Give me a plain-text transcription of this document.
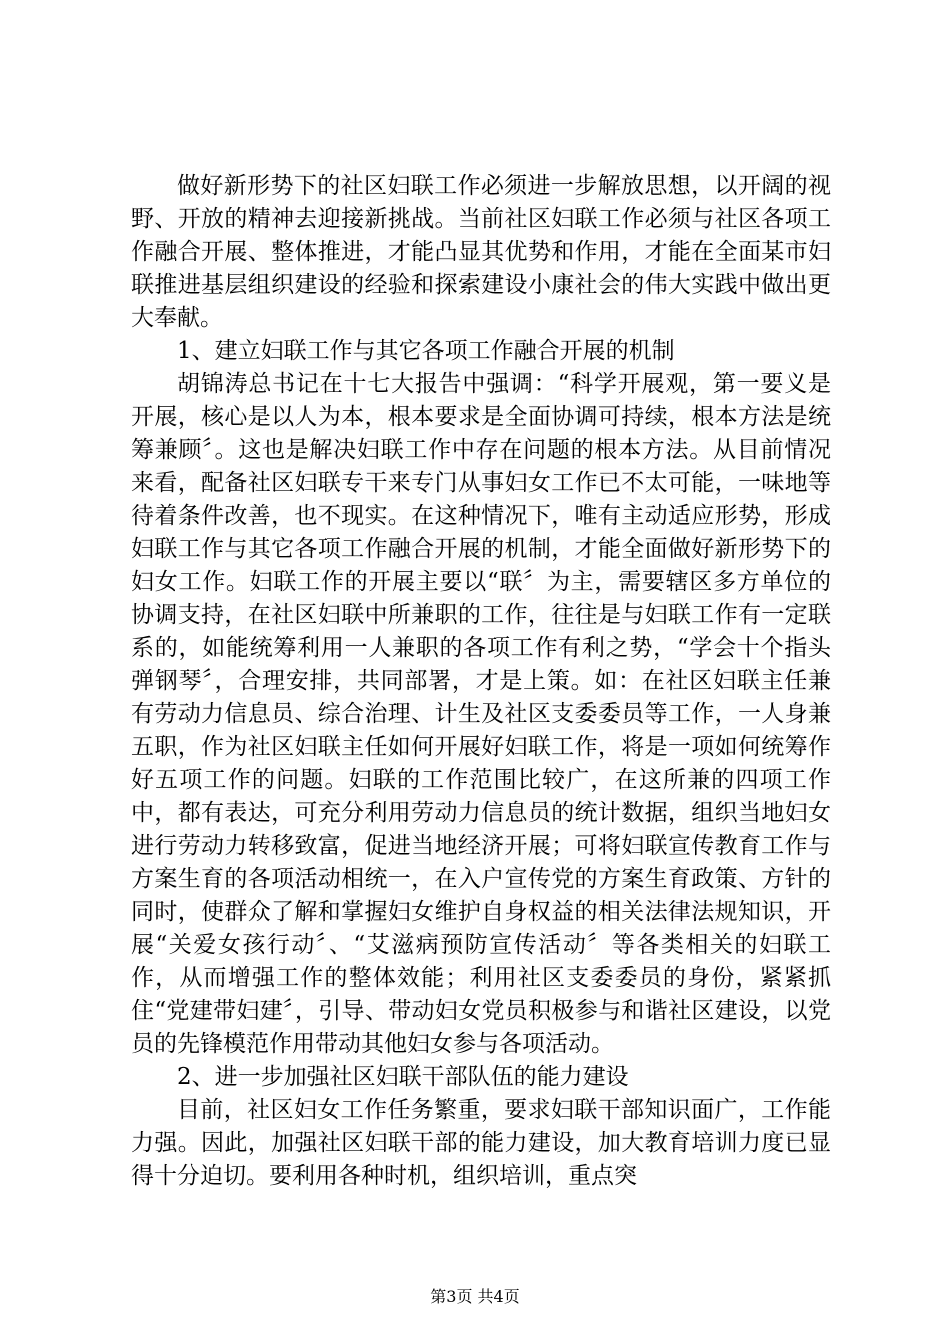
做好新形势下的社区妇联工作必须进一步解放思想，以开阔的视野、开放的精神去迎接新挑战。当前社区妇联工作必须与社区各项工作融合开展、整体推进，才能凸显其优势和作用，才能在全面某市妇联推进基层组织建设的经验和探索建设小康社会的伟大实践中做出更大奉献。

1、建立妇联工作与其它各项工作融合开展的机制

胡锦涛总书记在十七大报告中强调：“科学开展观，第一要义是开展，核心是以人为本，根本要求是全面协调可持续，根本方法是统筹兼顾〞。这也是解决妇联工作中存在问题的根本方法。从目前情况来看，配备社区妇联专干来专门从事妇女工作已不太可能，一味地等待着条件改善，也不现实。在这种情况下，唯有主动适应形势，形成妇联工作与其它各项工作融合开展的机制，才能全面做好新形势下的妇女工作。妇联工作的开展主要以“联〞为主，需要辖区多方单位的协调支持，在社区妇联中所兼职的工作，往往是与妇联工作有一定联系的，如能统筹利用一人兼职的各项工作有利之势，“学会十个指头弹钢琴〞，合理安排，共同部署，才是上策。如：在社区妇联主任兼有劳动力信息员、综合治理、计生及社区支委委员等工作，一人身兼五职，作为社区妇联主任如何开展好妇联工作，将是一项如何统筹作好五项工作的问题。妇联的工作范围比较广，在这所兼的四项工作中，都有表达，可充分利用劳动力信息员的统计数据，组织当地妇女进行劳动力转移致富，促进当地经济开展；可将妇联宣传教育工作与方案生育的各项活动相统一，在入户宣传党的方案生育政策、方针的同时，使群众了解和掌握妇女维护自身权益的相关法律法规知识，开展“关爱女孩行动〞、“艾滋病预防宣传活动〞等各类相关的妇联工作，从而增强工作的整体效能；利用社区支委委员的身份，紧紧抓住“党建带妇建〞，引导、带动妇女党员积极参与和谐社区建设，以党员的先锋模范作用带动其他妇女参与各项活动。

2、进一步加强社区妇联干部队伍的能力建设

目前，社区妇女工作任务繁重，要求妇联干部知识面广，工作能力强。因此，加强社区妇联干部的能力建设，加大教育培训力度已显得十分迫切。要利用各种时机，组织培训，重点突

第3页 共4页
